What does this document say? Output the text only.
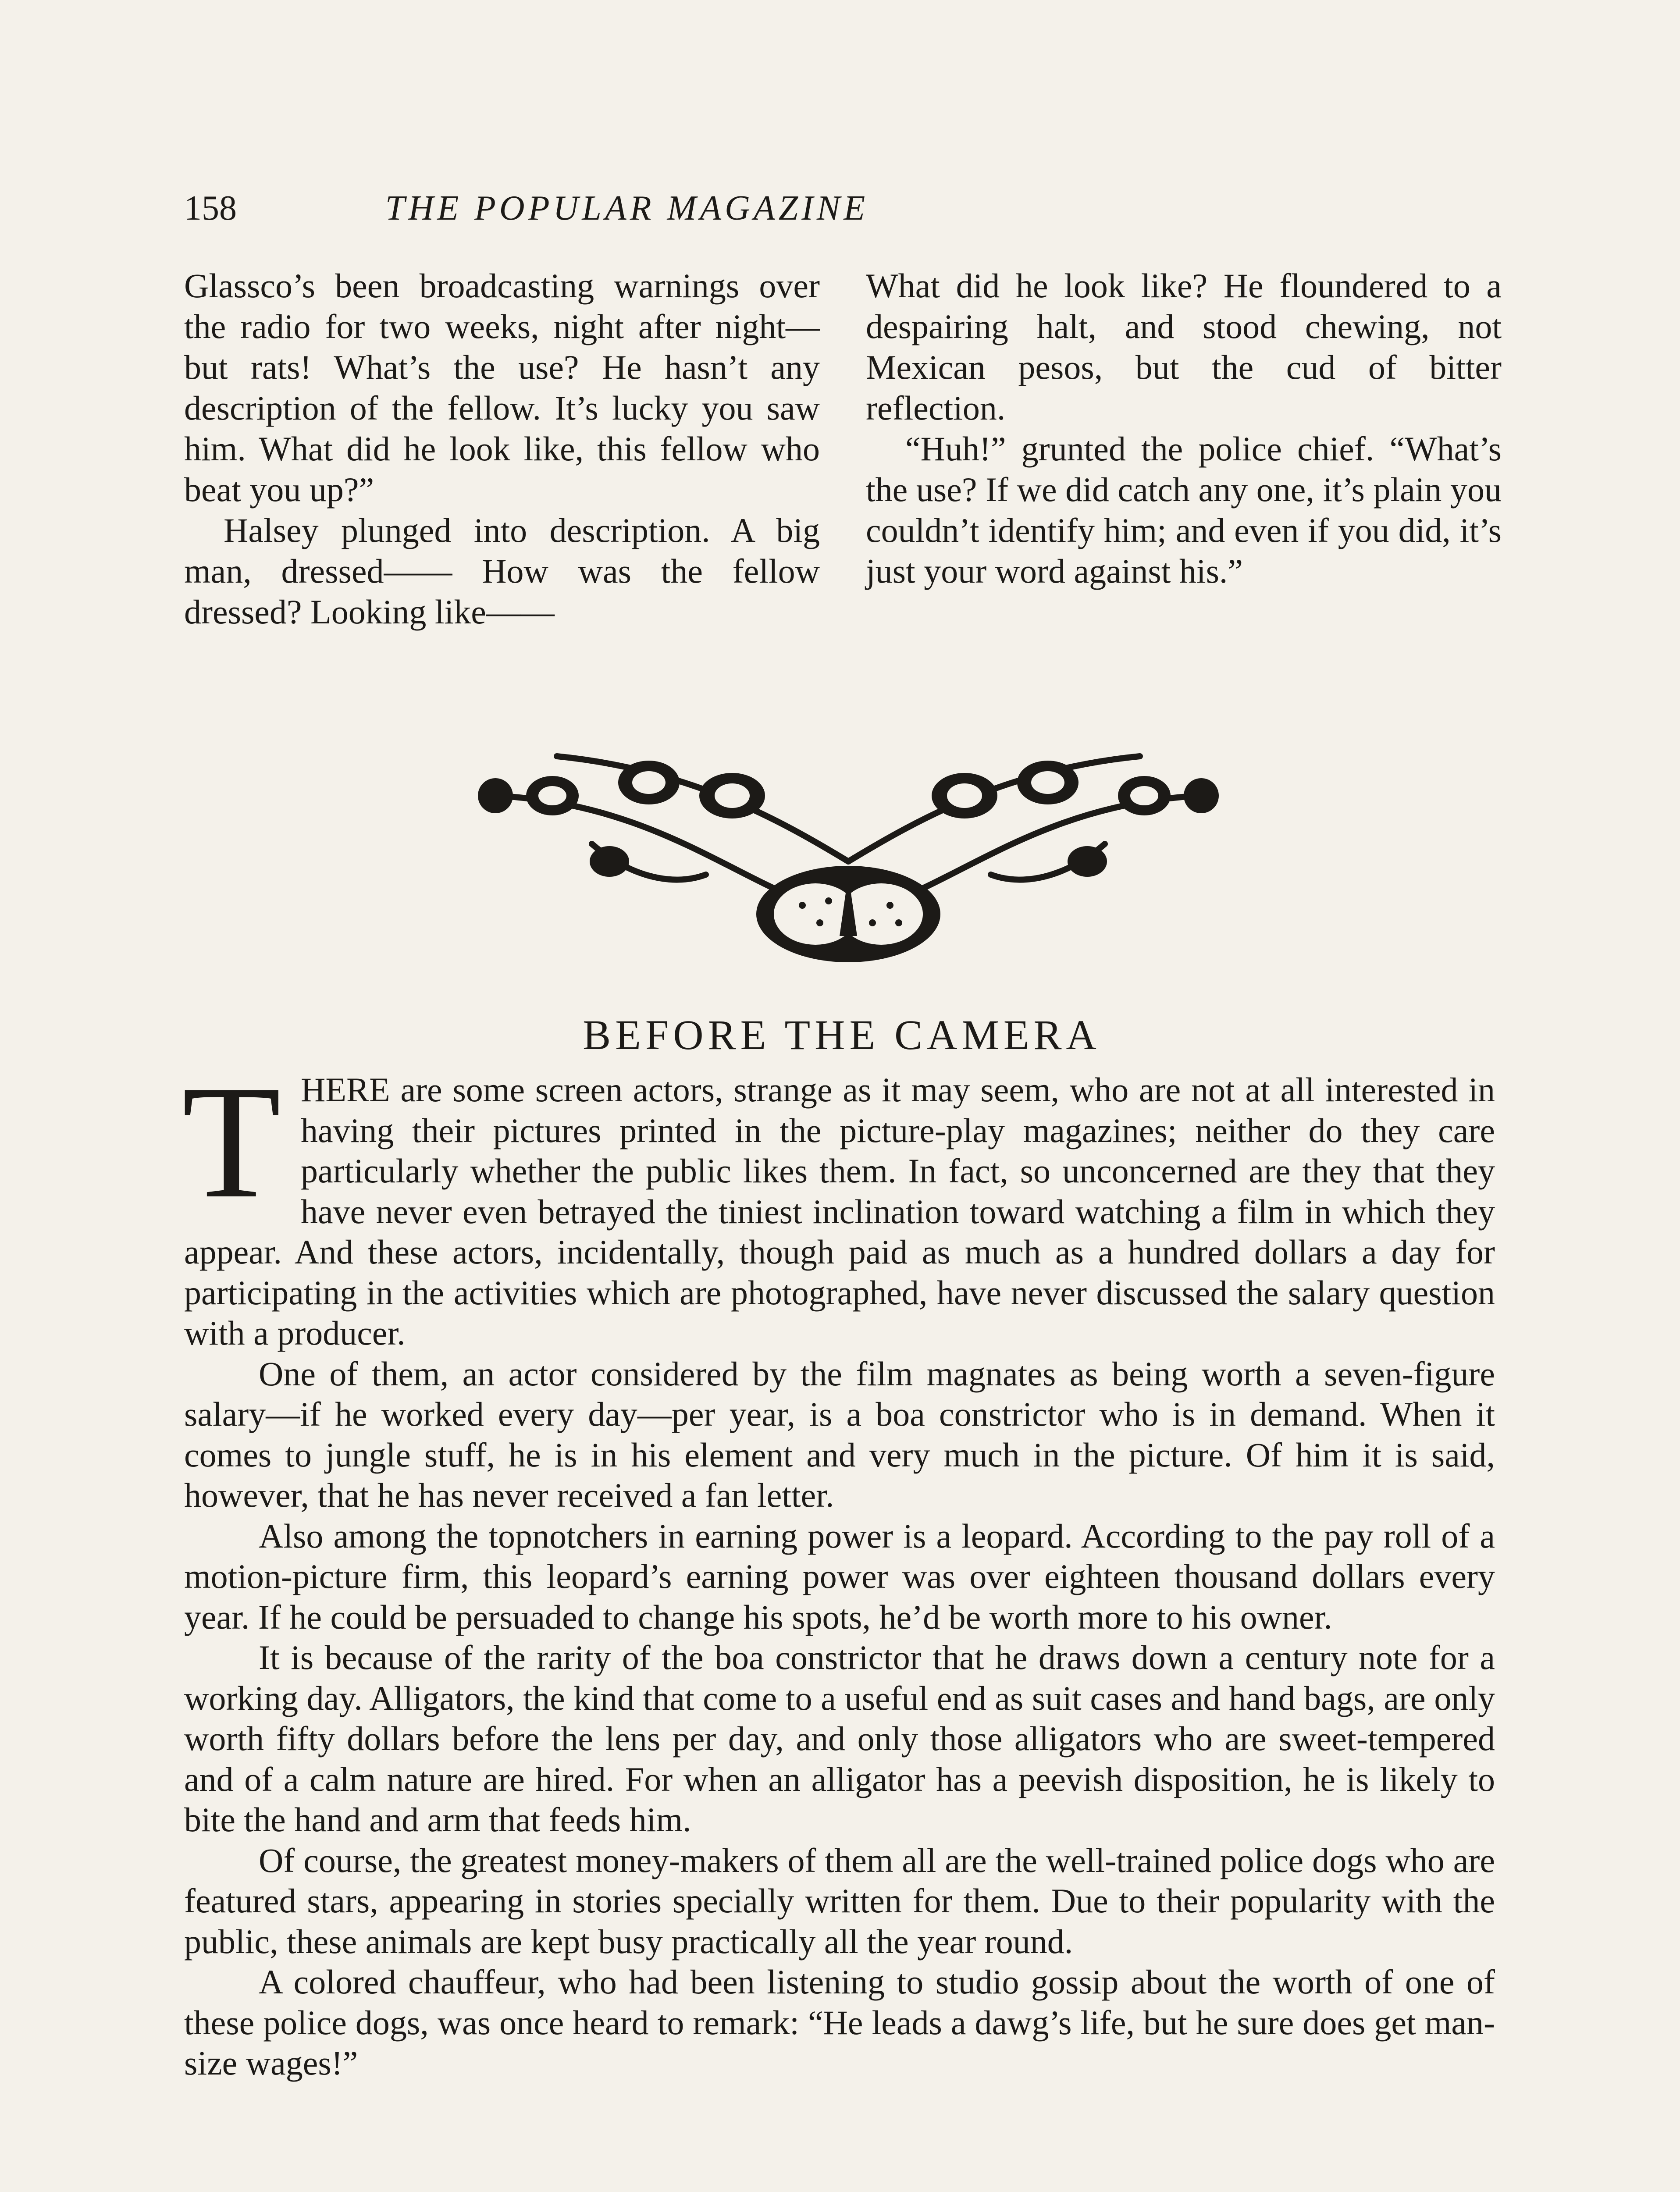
158	THE POPULAR MAGAZINE

Glassco’s been broadcasting warnings over the radio for two weeks, night after night—but rats! What’s the use? He hasn’t any description of the fellow. It’s lucky you saw him. What did he look like, this fellow who beat you up?”

Halsey plunged into description. A big man, dressed—— How was the fellow dressed? Looking like——

What did he look like? He floundered to a despairing halt, and stood chewing, not Mexican pesos, but the cud of bitter reflection.

“Huh!” grunted the police chief. “What’s the use? If we did catch any one, it’s plain you couldn’t identify him; and even if you did, it’s just your word against his.”

BEFORE THE CAMERA

THERE are some screen actors, strange as it may seem, who are not at all interested in having their pictures printed in the picture-play magazines; neither do they care particularly whether the public likes them. In fact, so unconcerned are they that they have never even betrayed the tiniest inclination toward watching a film in which they appear. And these actors, incidentally, though paid as much as a hundred dollars a day for participating in the activities which are photographed, have never discussed the salary question with a producer.

One of them, an actor considered by the film magnates as being worth a seven-figure salary—if he worked every day—per year, is a boa constrictor who is in demand. When it comes to jungle stuff, he is in his element and very much in the picture. Of him it is said, however, that he has never received a fan letter.

Also among the topnotchers in earning power is a leopard. According to the pay roll of a motion-picture firm, this leopard’s earning power was over eighteen thousand dollars every year. If he could be persuaded to change his spots, he’d be worth more to his owner.

It is because of the rarity of the boa constrictor that he draws down a century note for a working day. Alligators, the kind that come to a useful end as suit cases and hand bags, are only worth fifty dollars before the lens per day, and only those alligators who are sweet-tempered and of a calm nature are hired. For when an alligator has a peevish disposition, he is likely to bite the hand and arm that feeds him.

Of course, the greatest money-makers of them all are the well-trained police dogs who are featured stars, appearing in stories specially written for them. Due to their popularity with the public, these animals are kept busy practically all the year round.

A colored chauffeur, who had been listening to studio gossip about the worth of one of these police dogs, was once heard to remark: “He leads a dawg’s life, but he sure does get man-size wages!”
